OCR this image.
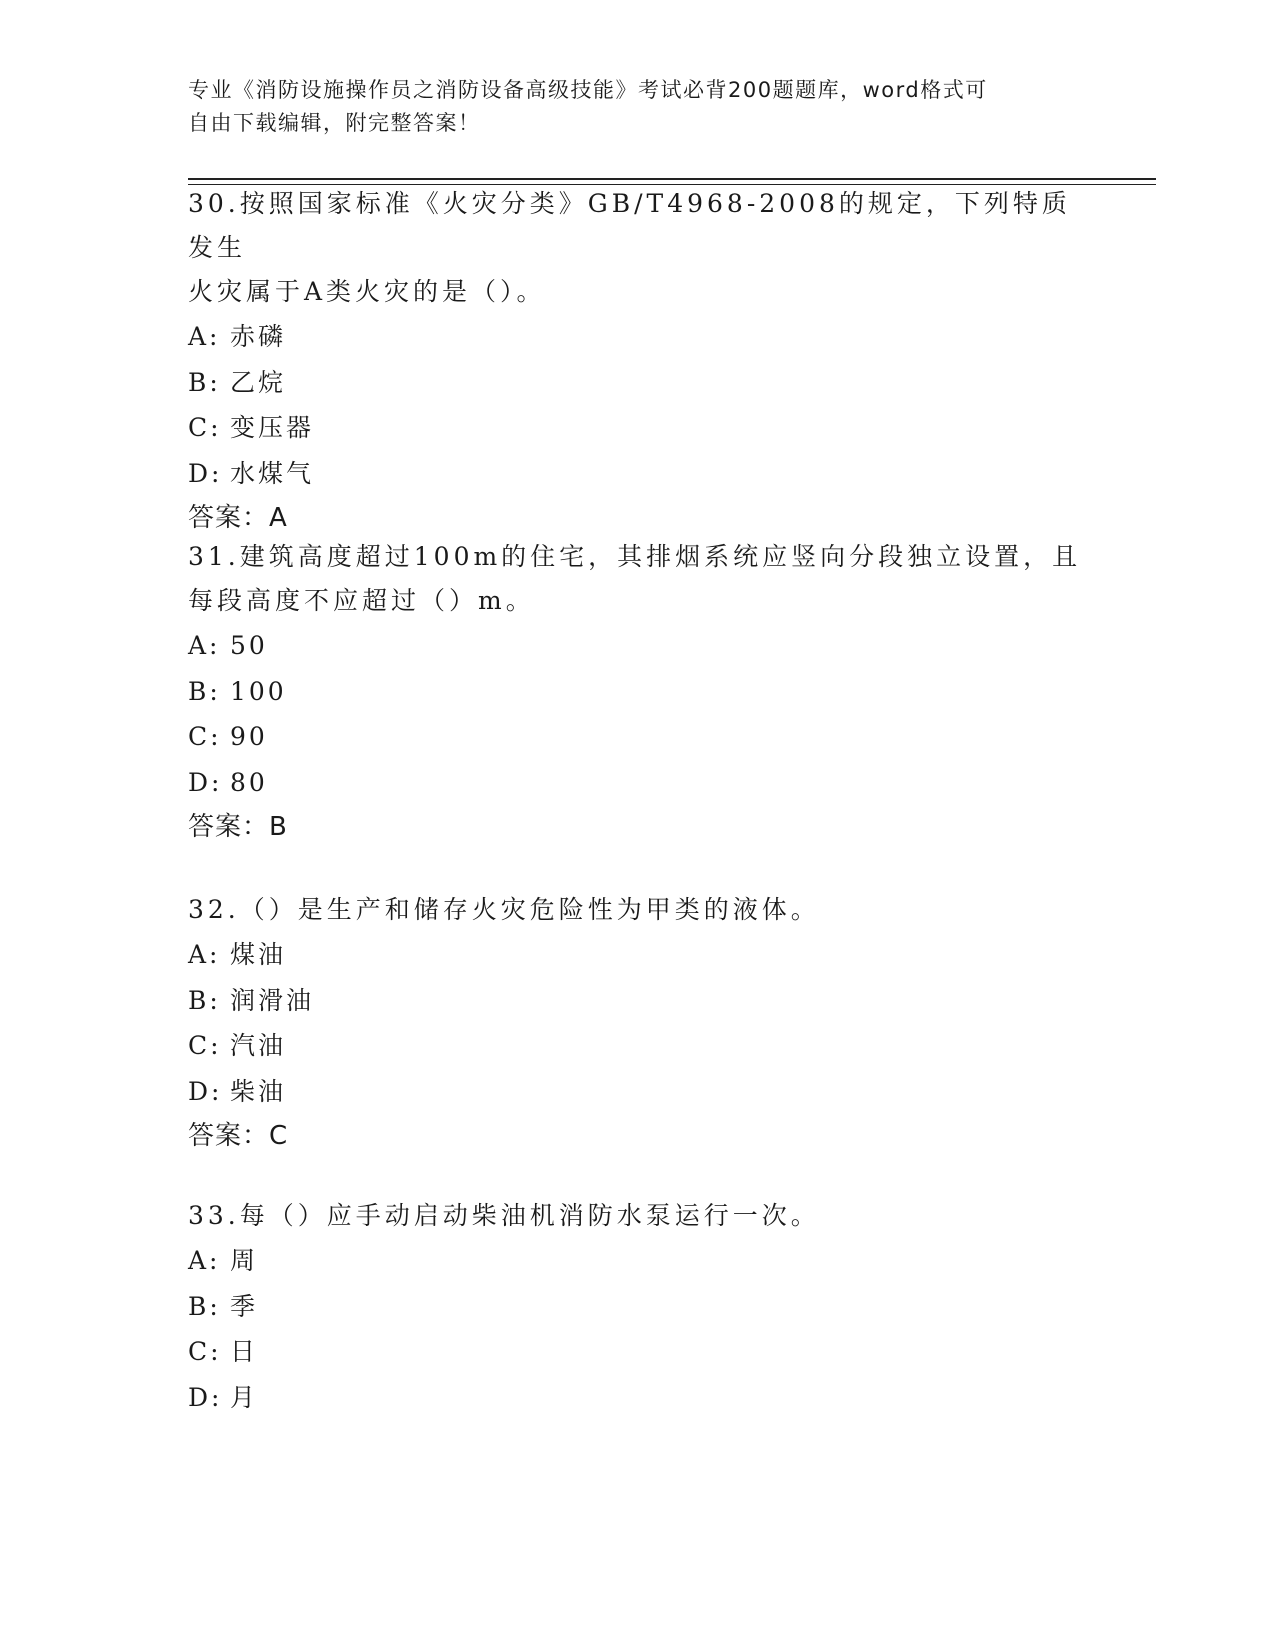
专业《消防设施操作员之消防设备高级技能》考试必背200题题库，word格式可
自由下载编辑，附完整答案！

30.按照国家标准《火灾分类》GB/T4968-2008的规定，下列特质发生
火灾属于A类火灾的是（）。

A: 赤磷
B: 乙烷
C: 变压器
D: 水煤气
答案：A

31.建筑高度超过100m的住宅，其排烟系统应竖向分段独立设置，且
每段高度不应超过（）m。

A: 50
B: 100
C: 90
D: 80
答案：B

32.（）是生产和储存火灾危险性为甲类的液体。

A: 煤油
B: 润滑油
C: 汽油
D: 柴油
答案：C

33.每（）应手动启动柴油机消防水泵运行一次。

A: 周
B: 季
C: 日
D: 月
